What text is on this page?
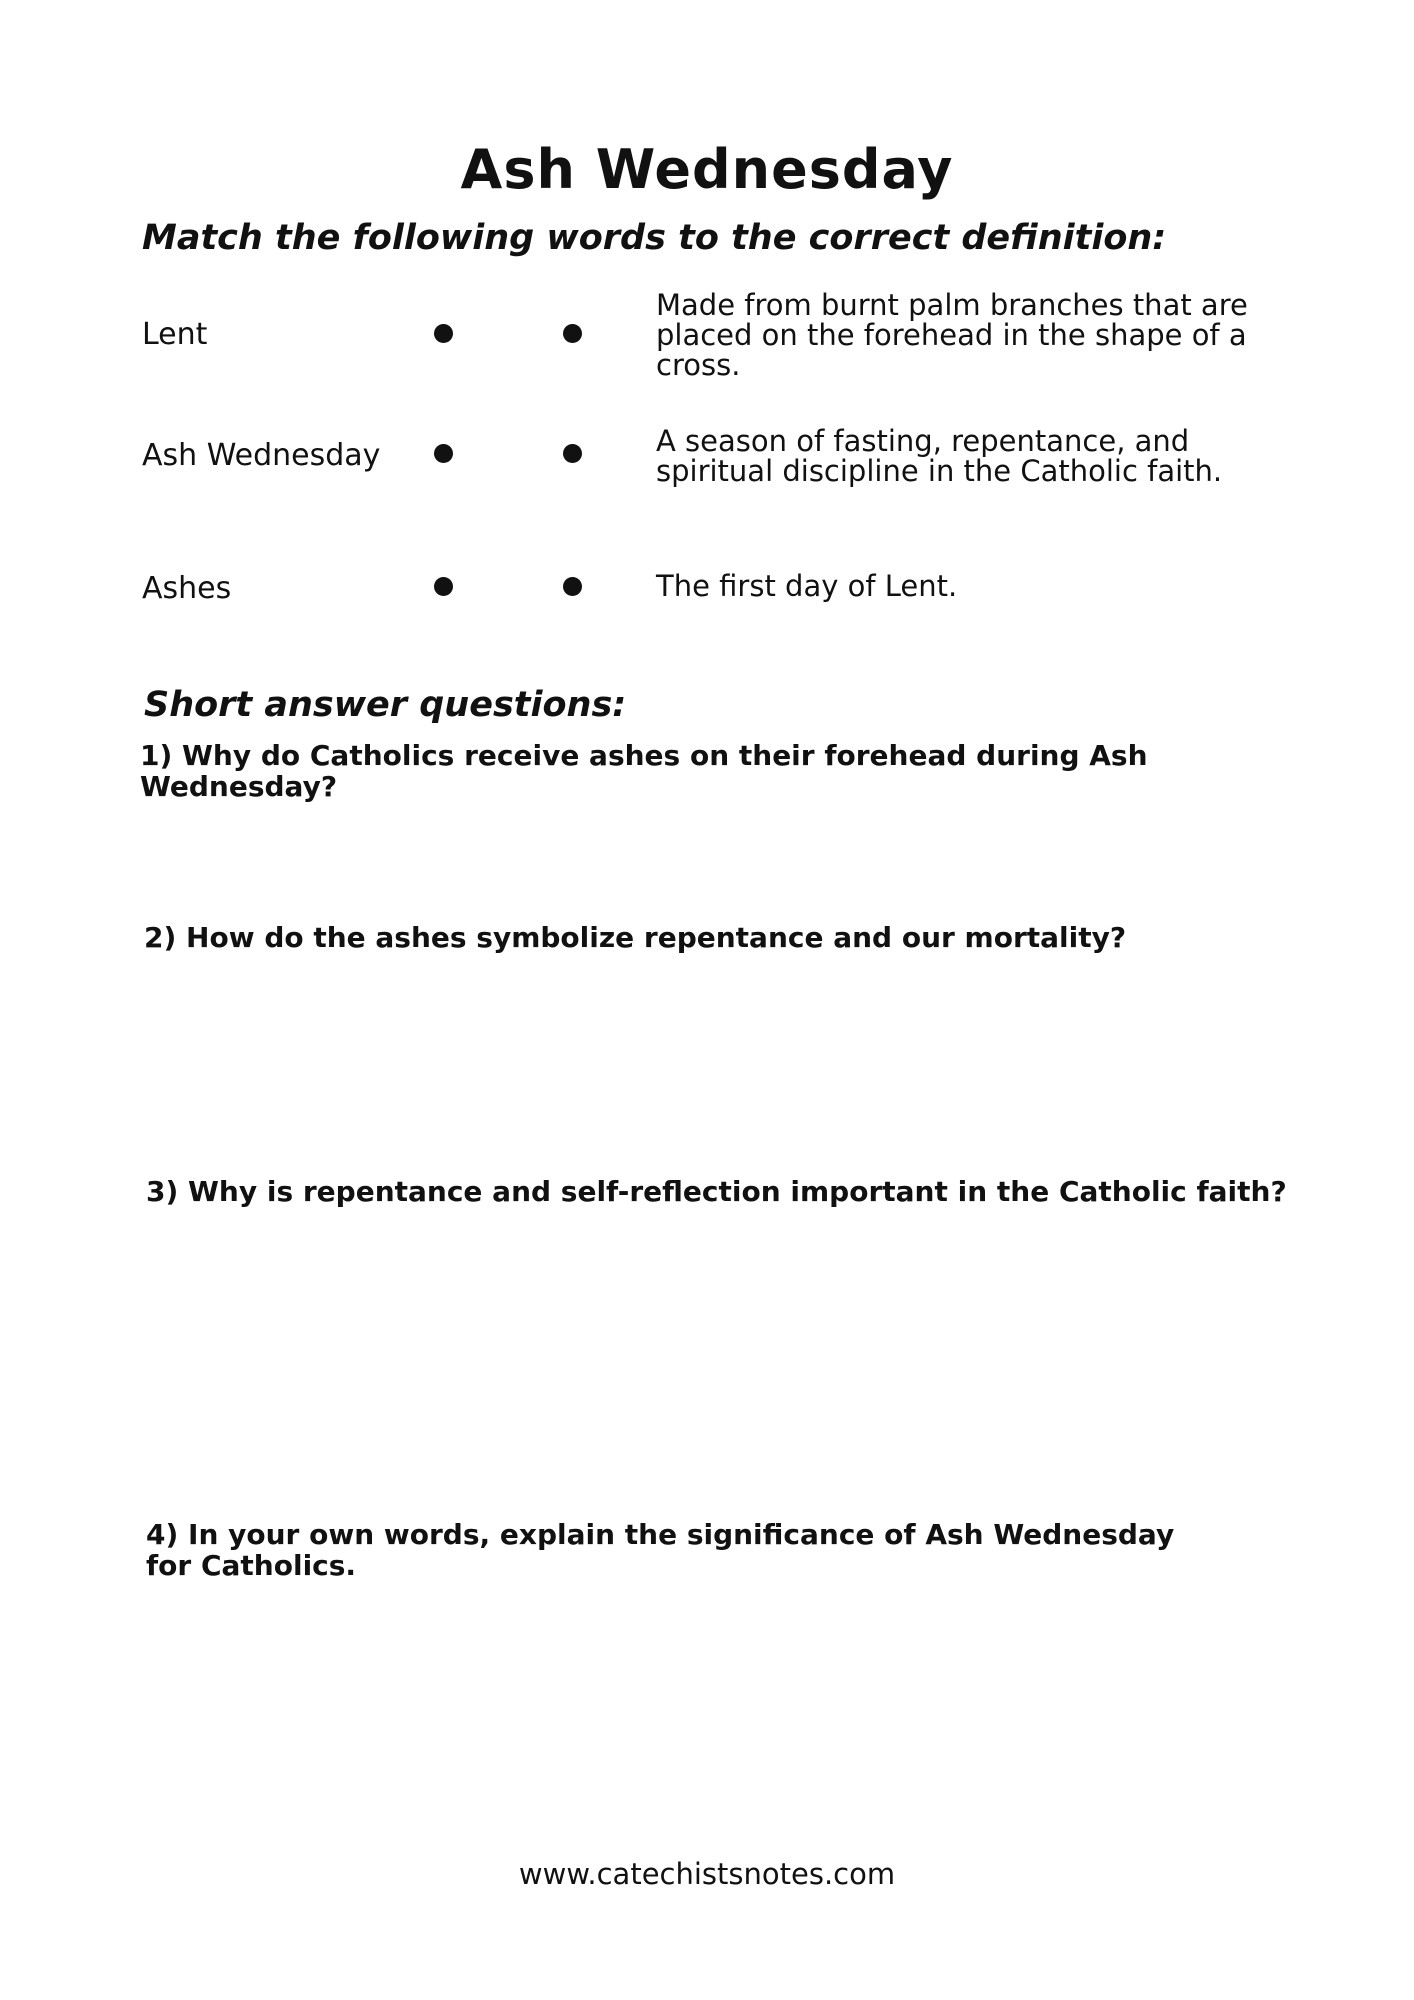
Ash Wednesday
Match the following words to the correct definition:
Lent
Made from burnt palm branches that are placed on the forehead in the shape of a cross.
Ash Wednesday	A season of fasting, repentance, and spiritual discipline in the Catholic faith.
Ashes	The first day of Lent.
Short answer questions:

1) Why do Catholics receive ashes on their forehead during Ash Wednesday?

2) How do the ashes symbolize repentance and our mortality?

3) Why is repentance and self-reflection important in the Catholic faith?

4) In your own words, explain the significance of Ash Wednesday for Catholics.

www.catechistsnotes.com
